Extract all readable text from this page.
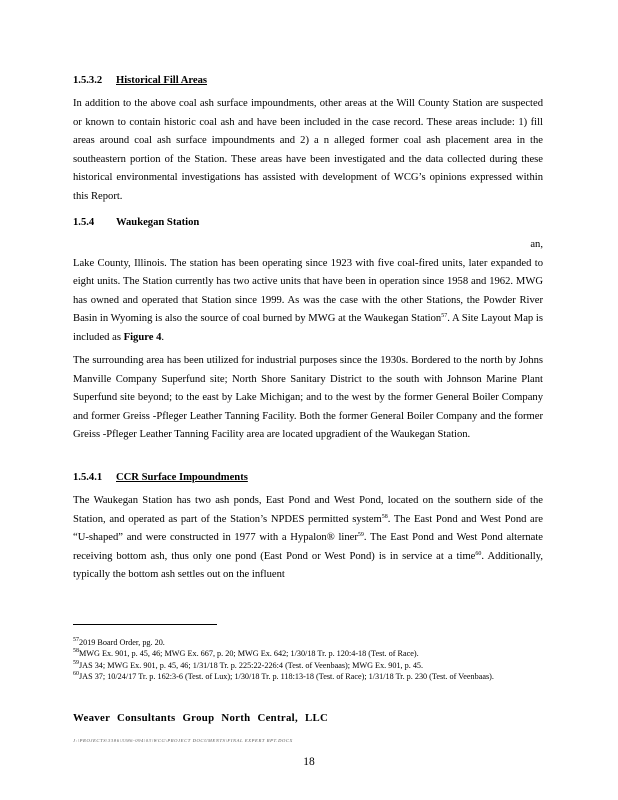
1.5.3.2 Historical Fill Areas
In addition to the above coal ash surface impoundments, other areas at the Will County Station are suspected or known to contain historic coal ash and have been included in the case record. These areas include: 1) fill areas around coal ash surface impoundments and 2) a n alleged former coal ash placement area in the southeastern portion of the Station. These areas have been investigated and the data collected during these historical environmental investigations has assisted with development of WCG’s opinions expressed within this Report.
1.5.4 Waukegan Station
an,
Lake County, Illinois. The station has been operating since 1923 with five coal-fired units, later expanded to eight units. The Station currently has two active units that have been in operation since 1958 and 1962. MWG has owned and operated that Station since 1999. As was the case with the other Stations, the Powder River Basin in Wyoming is also the source of coal burned by MWG at the Waukegan Station$^{57}$. A Site Layout Map is included as Figure 4.
The surrounding area has been utilized for industrial purposes since the 1930s. Bordered to the north by Johns Manville Company Superfund site; North Shore Sanitary District to the south with Johnson Marine Plant Superfund site beyond; to the east by Lake Michigan; and to the west by the former General Boiler Company and former Greiss -Pfleger Leather Tanning Facility. Both the former General Boiler Company and the former Greiss -Pfleger Leather Tanning Facility area are located upgradient of the Waukegan Station.
1.5.4.1 CCR Surface Impoundments
The Waukegan Station has two ash ponds, East Pond and West Pond, located on the southern side of the Station, and operated as part of the Station’s NPDES permitted system$^{58}$. The East Pond and West Pond are “U-shaped” and were constructed in 1977 with a Hypalon® liner$^{59}$. The East Pond and West Pond alternate receiving bottom ash, thus only one pond (East Pond or West Pond) is in service at a time$^{60}$. Additionally, typically the bottom ash settles out on the influent
$^{57}$2019 Board Order, pg. 20.
$^{58}$MWG Ex. 901, p. 45, 46; MWG Ex. 667, p. 20; MWG Ex. 642; 1/30/18 Tr. p. 120:4-18 (Test. of Race).
$^{59}$JAS 34; MWG Ex. 901, p. 45, 46; 1/31/18 Tr. p. 225:22-226:4 (Test. of Veenbaas); MWG Ex. 901, p. 45.
$^{60}$JAS 37; 10/24/17 Tr. p. 162:3-6 (Test. of Lux); 1/30/18 Tr. p. 118:13-18 (Test. of Race); 1/31/18 Tr. p. 230 (Test. of Veenbaas).
Weaver Consultants Group North Central, LLC
J:\PROJECTS\3386\3386-094\03\WCG\PROJECT DOCUMENTS\FINAL EXPERT RPT.DOCX
18
